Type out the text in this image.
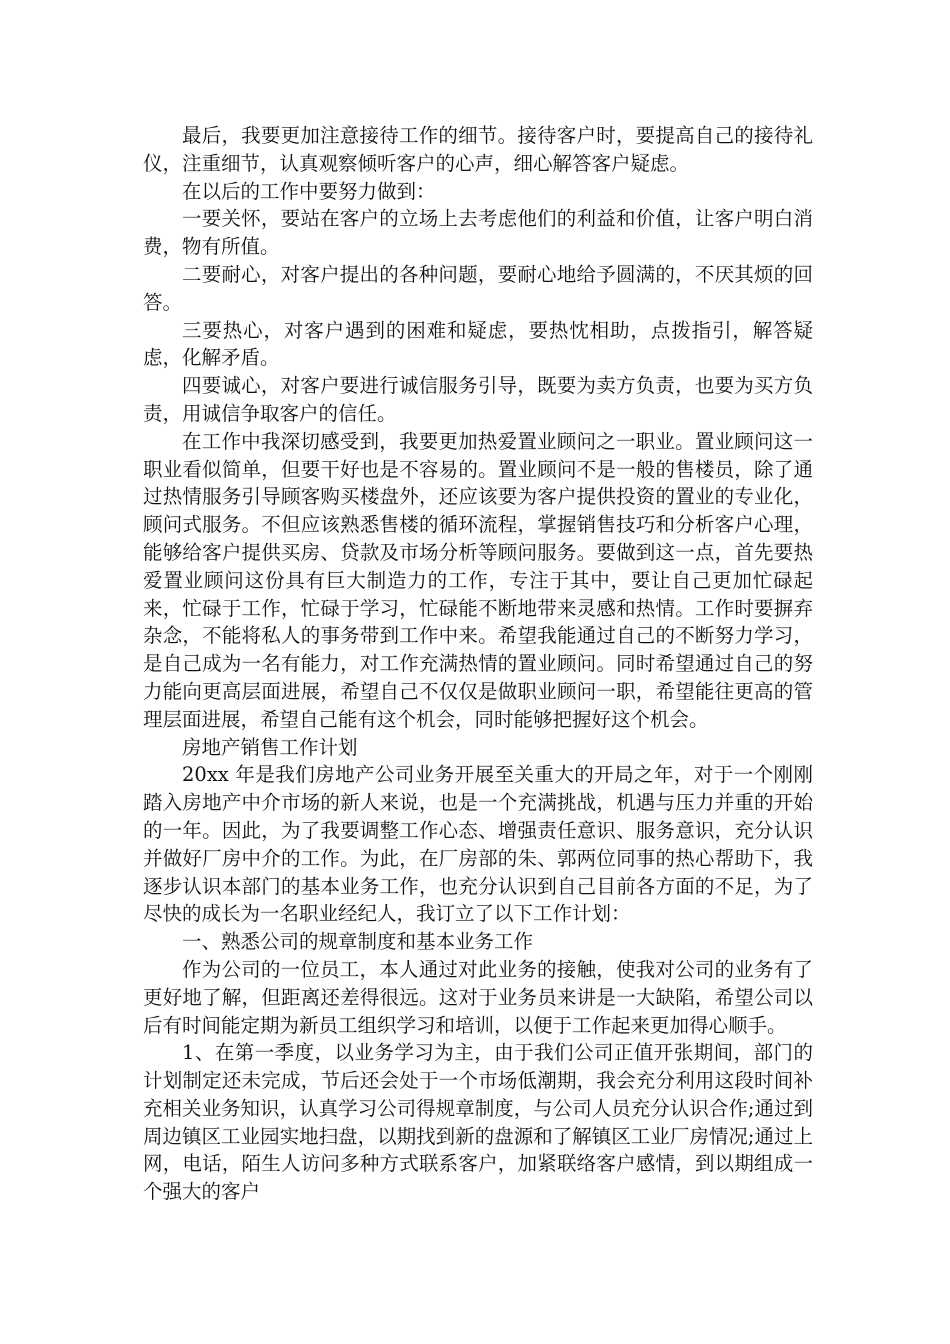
最后，我要更加注意接待工作的细节。接待客户时，要提高自己的接待礼仪，注重细节，认真观察倾听客户的心声，细心解答客户疑虑。

在以后的工作中要努力做到：

一要关怀，要站在客户的立场上去考虑他们的利益和价值，让客户明白消费，物有所值。

二要耐心，对客户提出的各种问题，要耐心地给予圆满的，不厌其烦的回答。

三要热心，对客户遇到的困难和疑虑，要热忱相助，点拨指引，解答疑虑，化解矛盾。

四要诚心，对客户要进行诚信服务引导，既要为卖方负责，也要为买方负责，用诚信争取客户的信任。

在工作中我深切感受到，我要更加热爱置业顾问之一职业。置业顾问这一职业看似简单，但要干好也是不容易的。置业顾问不是一般的售楼员，除了通过热情服务引导顾客购买楼盘外，还应该要为客户提供投资的置业的专业化，顾问式服务。不但应该熟悉售楼的循环流程，掌握销售技巧和分析客户心理，能够给客户提供买房、贷款及市场分析等顾问服务。要做到这一点，首先要热爱置业顾问这份具有巨大制造力的工作，专注于其中，要让自己更加忙碌起来，忙碌于工作，忙碌于学习，忙碌能不断地带来灵感和热情。工作时要摒弃杂念，不能将私人的事务带到工作中来。希望我能通过自己的不断努力学习，是自己成为一名有能力，对工作充满热情的置业顾问。同时希望通过自己的努力能向更高层面进展，希望自己不仅仅是做职业顾问一职，希望能往更高的管理层面进展，希望自己能有这个机会，同时能够把握好这个机会。

房地产销售工作计划

20xx 年是我们房地产公司业务开展至关重大的开局之年，对于一个刚刚踏入房地产中介市场的新人来说，也是一个充满挑战，机遇与压力并重的开始的一年。因此，为了我要调整工作心态、增强责任意识、服务意识，充分认识并做好厂房中介的工作。为此，在厂房部的朱、郭两位同事的热心帮助下，我逐步认识本部门的基本业务工作，也充分认识到自己目前各方面的不足，为了尽快的成长为一名职业经纪人，我订立了以下工作计划：

一、熟悉公司的规章制度和基本业务工作

作为公司的一位员工，本人通过对此业务的接触，使我对公司的业务有了更好地了解，但距离还差得很远。这对于业务员来讲是一大缺陷，希望公司以后有时间能定期为新员工组织学习和培训，以便于工作起来更加得心顺手。

1、在第一季度，以业务学习为主，由于我们公司正值开张期间，部门的计划制定还未完成，节后还会处于一个市场低潮期，我会充分利用这段时间补充相关业务知识，认真学习公司得规章制度，与公司人员充分认识合作;通过到周边镇区工业园实地扫盘，以期找到新的盘源和了解镇区工业厂房情况;通过上网，电话，陌生人访问多种方式联系客户，加紧联络客户感情，到以期组成一个强大的客户
